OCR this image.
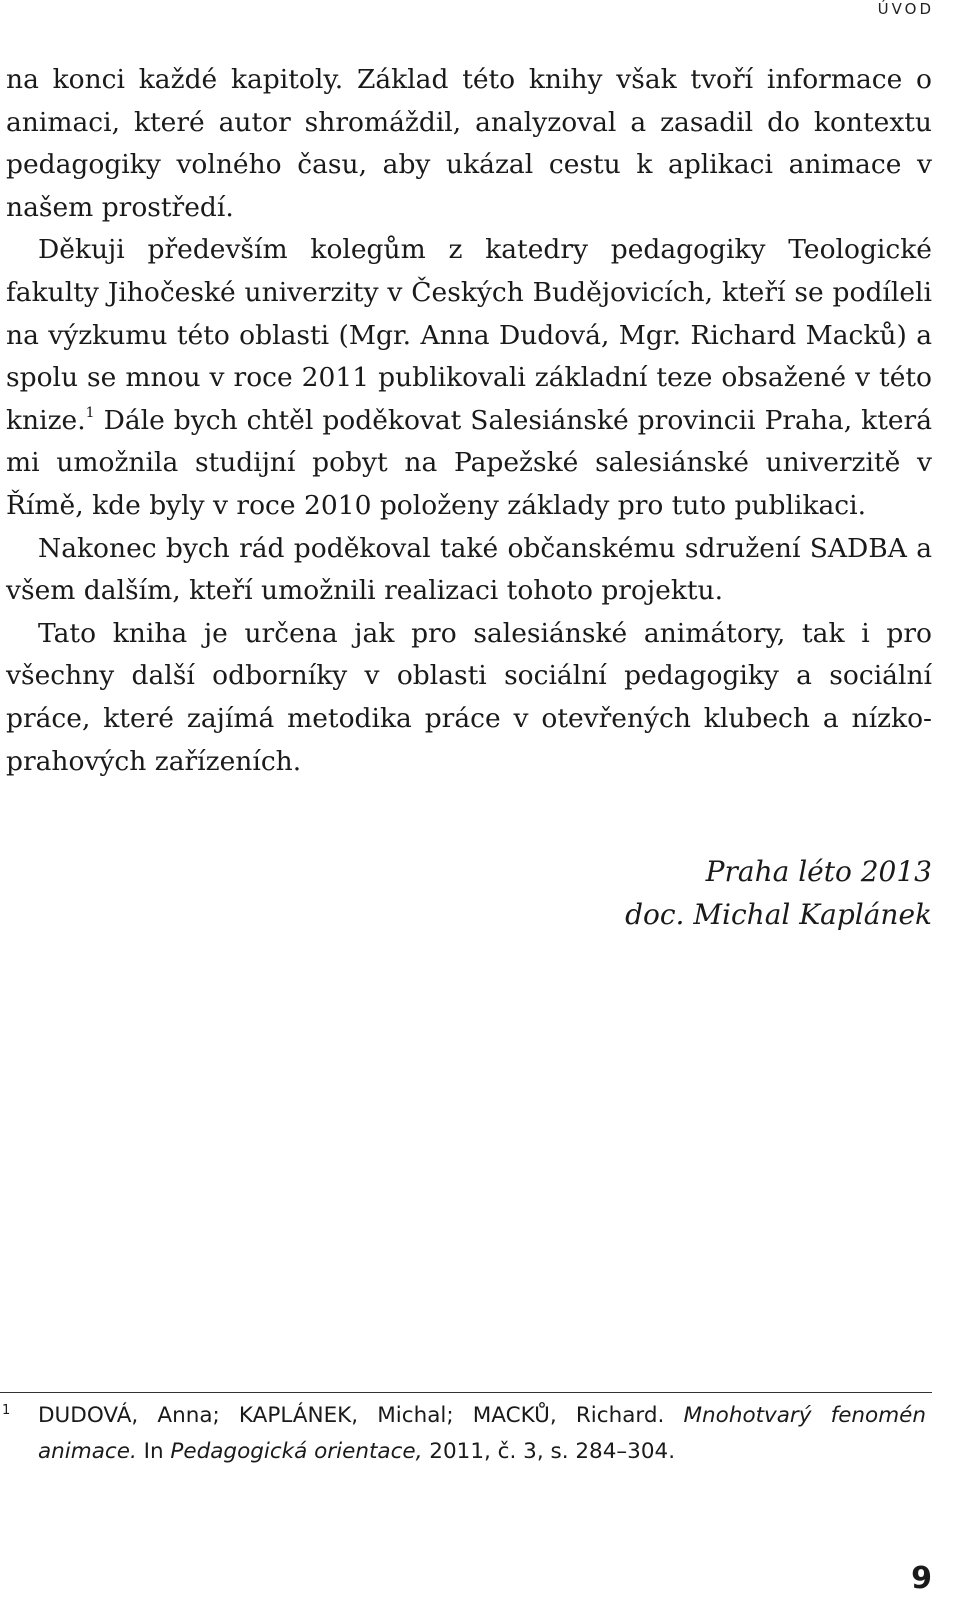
ÚVOD

na konci každé kapitoly. Základ této knihy však tvoří informace o animaci, které autor shromáždil, analyzoval a zasadil do kontextu pedagogiky volného času, aby ukázal cestu k aplikaci animace v našem prostředí.

Děkuji především kolegům z katedry pedagogiky Teologické fakulty Jihočeské univerzity v Českých Budějovicích, kteří se podíleli na výzkumu této oblasti (Mgr. Anna Dudová, Mgr. Richard Macků) a spolu se mnou v roce 2011 publikovali základní teze obsažené v této knize.$^1$ Dále bych chtěl poděkovat Salesiánské provincii Praha, která mi umožnila studijní pobyt na Papežské salesiánské univerzitě v Římě, kde byly v roce 2010 položeny základy pro tuto publikaci.

Nakonec bych rád poděkoval také občanskému sdružení SADBA a všem dalším, kteří umožnili realizaci tohoto projektu.

Tato kniha je určena jak pro salesiánské animátory, tak i pro všechny další odborníky v oblasti sociální pedagogiky a sociální práce, které zajímá metodika práce v otevřených klubech a nízkoprahových zařízeních.

Praha léto 2013
doc. Michal Kaplánek
1 DUDOVÁ, Anna; KAPLÁNEK, Michal; MACKŮ, Richard. Mnohotvarý fenomén animace. In Pedagogická orientace, 2011, č. 3, s. 284–304.
9
